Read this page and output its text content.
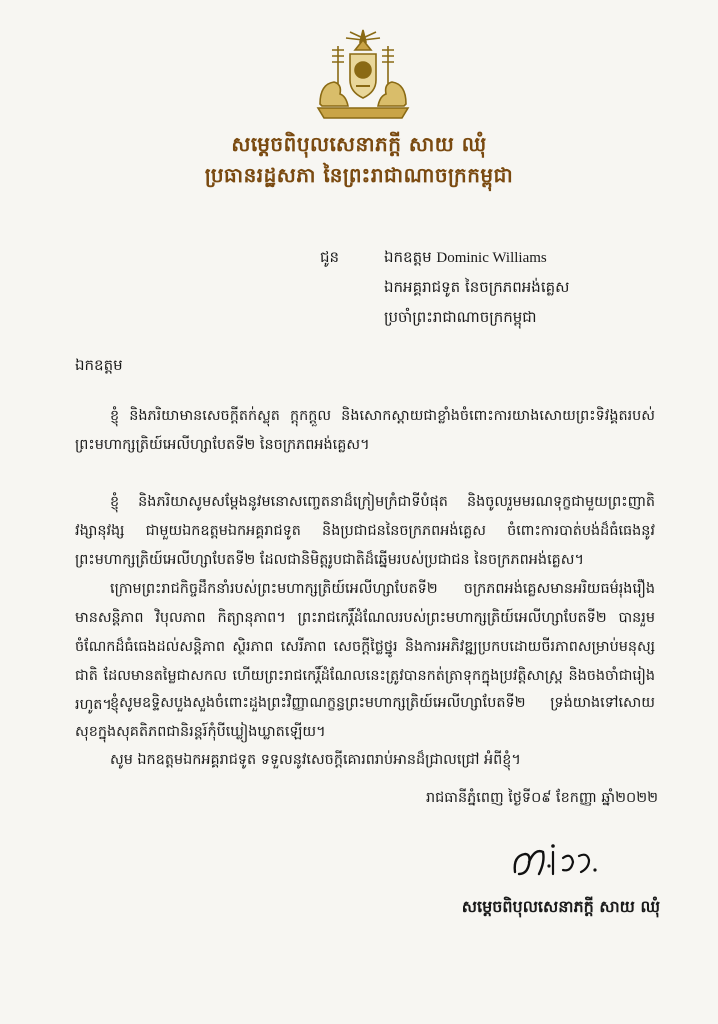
សម្តេចពិបុលសេនាភក្តី សាយ ឈុំ
ប្រធានរដ្ឋសភា នៃព្រះរាជាណាចក្រកម្ពុជា
ជូន	ឯកឧត្តម Dominic Williams
ឯកអគ្គរាជទូត នៃចក្រភពអង់គ្លេស
ប្រចាំព្រះរាជាណាចក្រកម្ពុជា
ឯកឧត្តម
ខ្ញុំ និងភរិយាមានសេចក្តីតក់ស្លុត ក្តុកក្តួល និងសោកស្តាយជាខ្លាំងចំពោះការយាងសោយព្រះទិវង្គតរបស់ព្រះមហាក្សត្រិយ៍អេលីហ្សាបែតទី២ នៃចក្រភពអង់គ្លេស។
ខ្ញុំ និងភរិយាសូមសម្តែងនូវមនោសញ្ចេតនាដ៏ក្រៀមក្រំជាទីបំផុត និងចូលរួមមរណទុក្ខជាមួយព្រះញាតិវង្សានុវង្ស ជាមួយឯកឧត្តមឯកអគ្គរាជទូត និងប្រជាជននៃចក្រភពអង់គ្លេស ចំពោះការបាត់បង់ដ៏ធំធេងនូវព្រះមហាក្សត្រិយ៍អេលីហ្សាបែតទី២ ដែលជានិមិត្តរូបជាតិដ៏ឆ្នើមរបស់ប្រជាជន នៃចក្រភពអង់គ្លេស។
ក្រោមព្រះរាជកិច្ចដឹកនាំរបស់ព្រះមហាក្សត្រិយ៍អេលីហ្សាបែតទី២ ចក្រភពអង់គ្លេសមានអរិយធម៌រុងរឿងមានសន្តិភាព វិបុលភាព កិត្យានុភាព។ ព្រះរាជកេរ្តិ៍ដំណែលរបស់ព្រះមហាក្សត្រិយ៍អេលីហ្សាបែតទី២ បានរួមចំណែកដ៏ធំធេងដល់សន្តិភាព ស្ថិរភាព សេរីភាព សេចក្តីថ្លៃថ្នូរ និងការអភិវឌ្ឍប្រកបដោយចីរភាពសម្រាប់មនុស្សជាតិ ដែលមានតម្លៃជាសកល ហើយព្រះរាជកេរ្តិ៍ដំណែលនេះត្រូវបានកត់ត្រាទុកក្នុងប្រវត្តិសាស្ត្រ និងចងចាំជារៀងរហូត។
ខ្ញុំសូមឧទ្ទិសបួងសួងចំពោះដួងព្រះវិញ្ញាណក្ខន្ធព្រះមហាក្សត្រិយ៍អេលីហ្សាបែតទី២ ទ្រង់យាងទៅសោយសុខក្នុងសុគតិភពជានិរន្តរ៍កុំបីឃ្លៀងឃ្លាតឡើយ។
សូម ឯកឧត្តមឯកអគ្គរាជទូត ទទួលនូវសេចក្តីគោរពរាប់អានដ៏ជ្រាលជ្រៅ អំពីខ្ញុំ។
រាជធានីភ្នំពេញ ថ្ងៃទី០៩ ខែកញ្ញា ឆ្នាំ២០២២
សម្តេចពិបុលសេនាភក្តី សាយ ឈុំ
